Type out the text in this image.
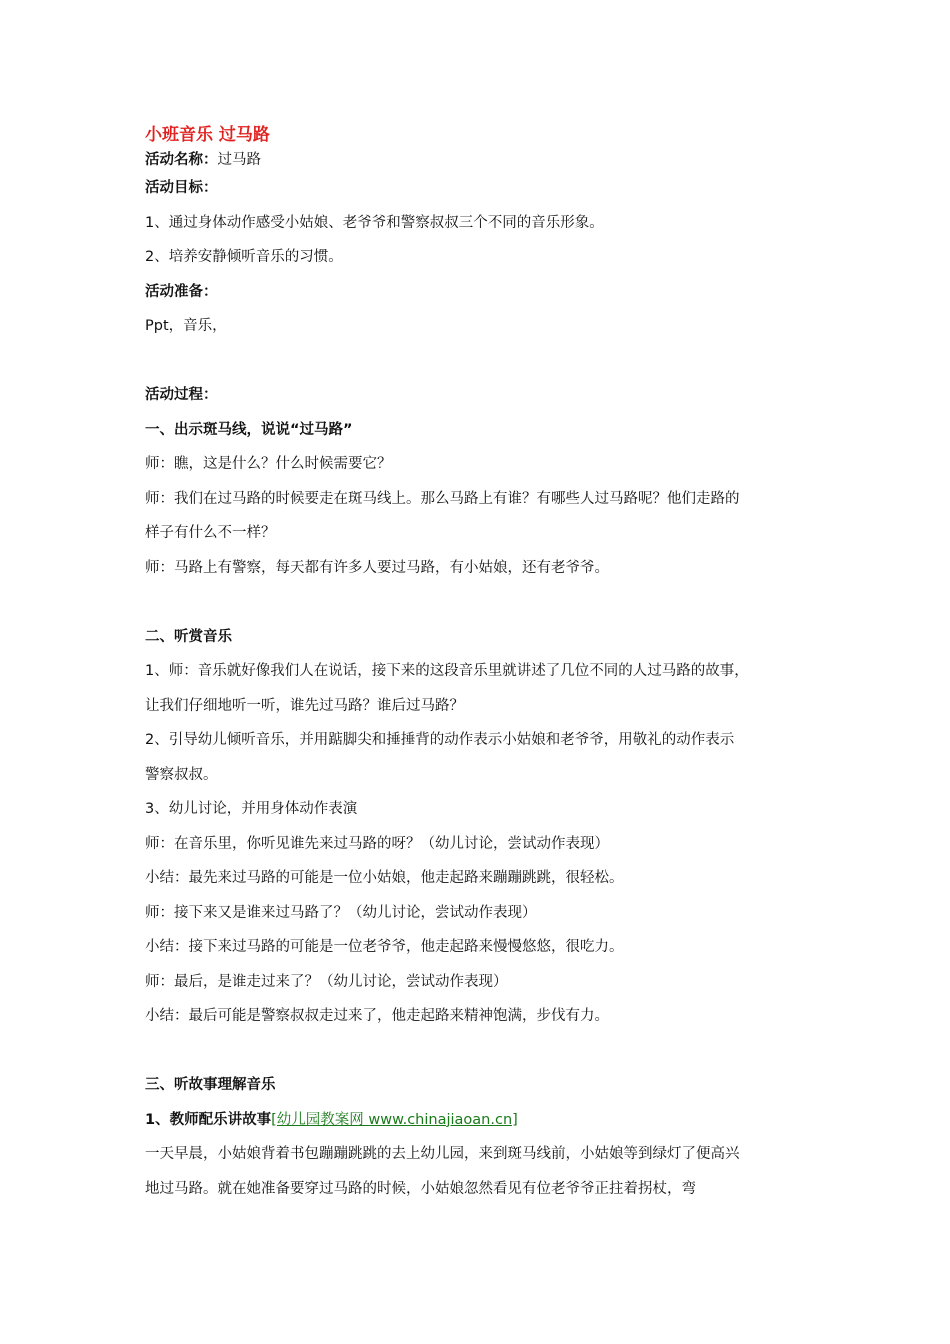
小班音乐 过马路

活动名称：过马路

活动目标：

1、通过身体动作感受小姑娘、老爷爷和警察叔叔三个不同的音乐形象。

2、培养安静倾听音乐的习惯。

活动准备：

Ppt，音乐，

活动过程：

一、出示斑马线，说说“过马路”

师：瞧，这是什么？什么时候需要它？

师：我们在过马路的时候要走在斑马线上。那么马路上有谁？有哪些人过马路呢？他们走路的

样子有什么不一样？

师：马路上有警察，每天都有许多人要过马路，有小姑娘，还有老爷爷。

二、听赏音乐

1、师：音乐就好像我们人在说话，接下来的这段音乐里就讲述了几位不同的人过马路的故事，

让我们仔细地听一听，谁先过马路？谁后过马路？

2、引导幼儿倾听音乐，并用踮脚尖和捶捶背的动作表示小姑娘和老爷爷，用敬礼的动作表示

警察叔叔。

3、幼儿讨论，并用身体动作表演

师：在音乐里，你听见谁先来过马路的呀？（幼儿讨论，尝试动作表现）

小结：最先来过马路的可能是一位小姑娘，他走起路来蹦蹦跳跳，很轻松。

师：接下来又是谁来过马路了？（幼儿讨论，尝试动作表现）

小结：接下来过马路的可能是一位老爷爷，他走起路来慢慢悠悠，很吃力。

师：最后，是谁走过来了？（幼儿讨论，尝试动作表现）

小结：最后可能是警察叔叔走过来了，他走起路来精神饱满，步伐有力。

三、听故事理解音乐

1、教师配乐讲故事[幼儿园教案网 www.chinajiaoan.cn]

一天早晨，小姑娘背着书包蹦蹦跳跳的去上幼儿园，来到斑马线前，小姑娘等到绿灯了便高兴

地过马路。就在她准备要穿过马路的时候，小姑娘忽然看见有位老爷爷正拄着拐杖，弯
